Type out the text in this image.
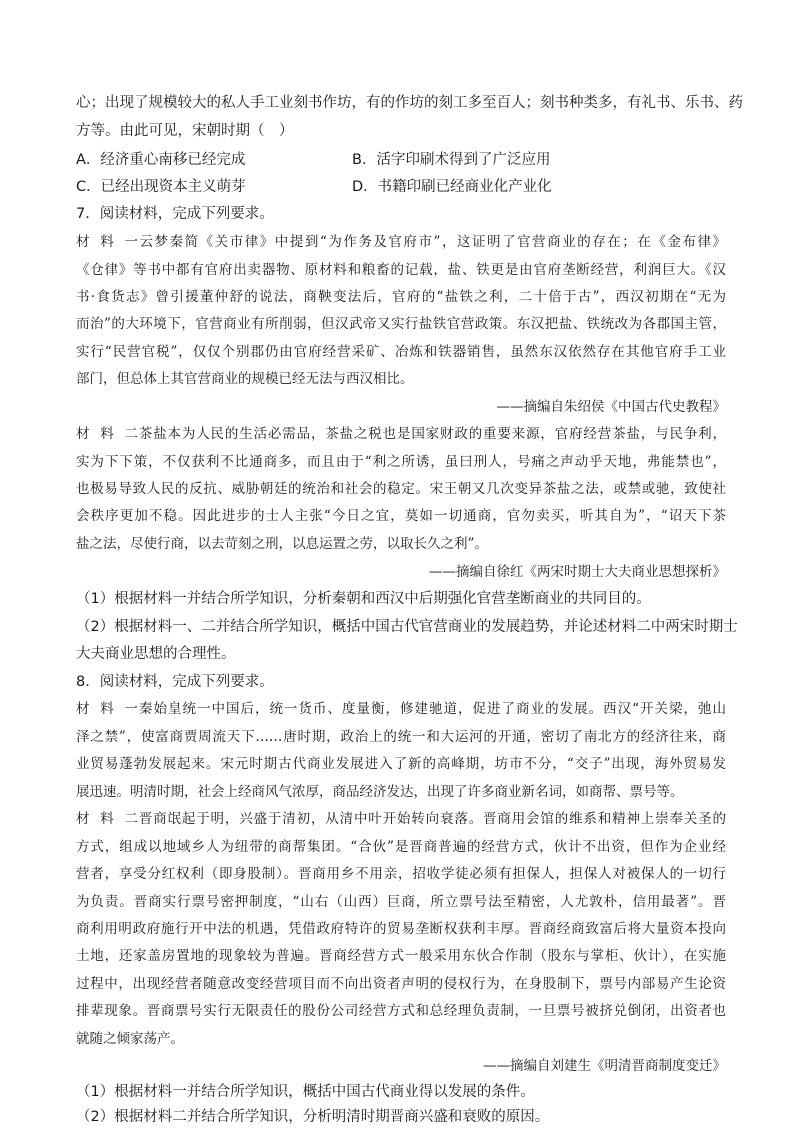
心；出现了规模较大的私人手工业刻书作坊，有的作坊的刻工多至百人；刻书种类多，有礼书、乐书、药
方等。由此可见，宋朝时期（　）
A．经济重心南移已经完成	B．活字印刷术得到了广泛应用
C．已经出现资本主义萌芽	D．书籍印刷已经商业化产业化
7．阅读材料，完成下列要求。
材料一云梦秦简《关市律》中提到“为作务及官府市”，这证明了官营商业的存在；在《金布律》
《仓律》等书中都有官府出卖器物、原材料和粮畜的记载，盐、铁更是由官府垄断经营，利润巨大。《汉
书·食货志》曾引援董仲舒的说法，商鞅变法后，官府的“盐铁之利，二十倍于古”，西汉初期在“无为
而治”的大环境下，官营商业有所削弱，但汉武帝又实行盐铁官营政策。东汉把盐、铁统改为各郡国主管，
实行“民营官税”，仅仅个别郡仍由官府经营采矿、冶炼和铁器销售，虽然东汉依然存在其他官府手工业
部门，但总体上其官营商业的规模已经无法与西汉相比。
——摘编自朱绍侯《中国古代史教程》
材料二茶盐本为人民的生活必需品，茶盐之税也是国家财政的重要来源，官府经营茶盐，与民争利，
实为下下策，不仅获利不比通商多，而且由于“利之所诱，虽曰刑人，号痛之声动乎天地，弗能禁也”，
也极易导致人民的反抗、威胁朝廷的统治和社会的稳定。宋王朝又几次变异茶盐之法，或禁或驰，致使社
会秩序更加不稳。因此进步的士人主张“今日之宜，莫如一切通商，官勿卖买，听其自为”，“诏天下茶
盐之法，尽使行商，以去苛刻之刑，以息运置之劳，以取长久之利”。
——摘编自徐红《两宋时期士大夫商业思想探析》
（1）根据材料一并结合所学知识，分析秦朝和西汉中后期强化官营垄断商业的共同目的。
（2）根据材料一、二并结合所学知识，概括中国古代官营商业的发展趋势，并论述材料二中两宋时期士
大夫商业思想的合理性。
8．阅读材料，完成下列要求。
材料一秦始皇统一中国后，统一货币、度量衡，修建驰道，促进了商业的发展。西汉“开关梁，弛山
泽之禁”，使富商贾周流天下……唐时期，政治上的统一和大运河的开通，密切了南北方的经济往来，商
业贸易蓬勃发展起来。宋元时期古代商业发展进入了新的高峰期，坊市不分，“交子”出现，海外贸易发
展迅速。明清时期，社会上经商风气浓厚，商品经济发达，出现了许多商业新名词，如商帮、票号等。
材料二晋商氓起于明，兴盛于清初，从清中叶开始转向衰落。晋商用会馆的维系和精神上崇奉关圣的
方式，组成以地域乡人为纽带的商帮集团。“合伙”是晋商普遍的经营方式，伙计不出资，但作为企业经
营者，享受分红权利（即身股制）。晋商用乡不用亲，招收学徒必须有担保人，担保人对被保人的一切行
为负责。晋商实行票号密押制度，“山右（山西）巨商，所立票号法至精密，人尤敦朴，信用最著”。晋
商利用明政府施行开中法的机遇，凭借政府特许的贸易垄断权获利丰厚。晋商经商致富后将大量资本投向
土地，还家盖房置地的现象较为普遍。晋商经营方式一般采用东伙合作制（股东与掌柜、伙计），在实施
过程中，出现经营者随意改变经营项目而不向出资者声明的侵权行为，在身股制下，票号内部易产生论资
排辈现象。晋商票号实行无限责任的股份公司经营方式和总经理负责制，一旦票号被挤兑倒闭，出资者也
就随之倾家荡产。
——摘编自刘建生《明清晋商制度变迁》
（1）根据材料一并结合所学知识，概括中国古代商业得以发展的条件。
（2）根据材料二并结合所学知识，分析明清时期晋商兴盛和衰败的原因。
